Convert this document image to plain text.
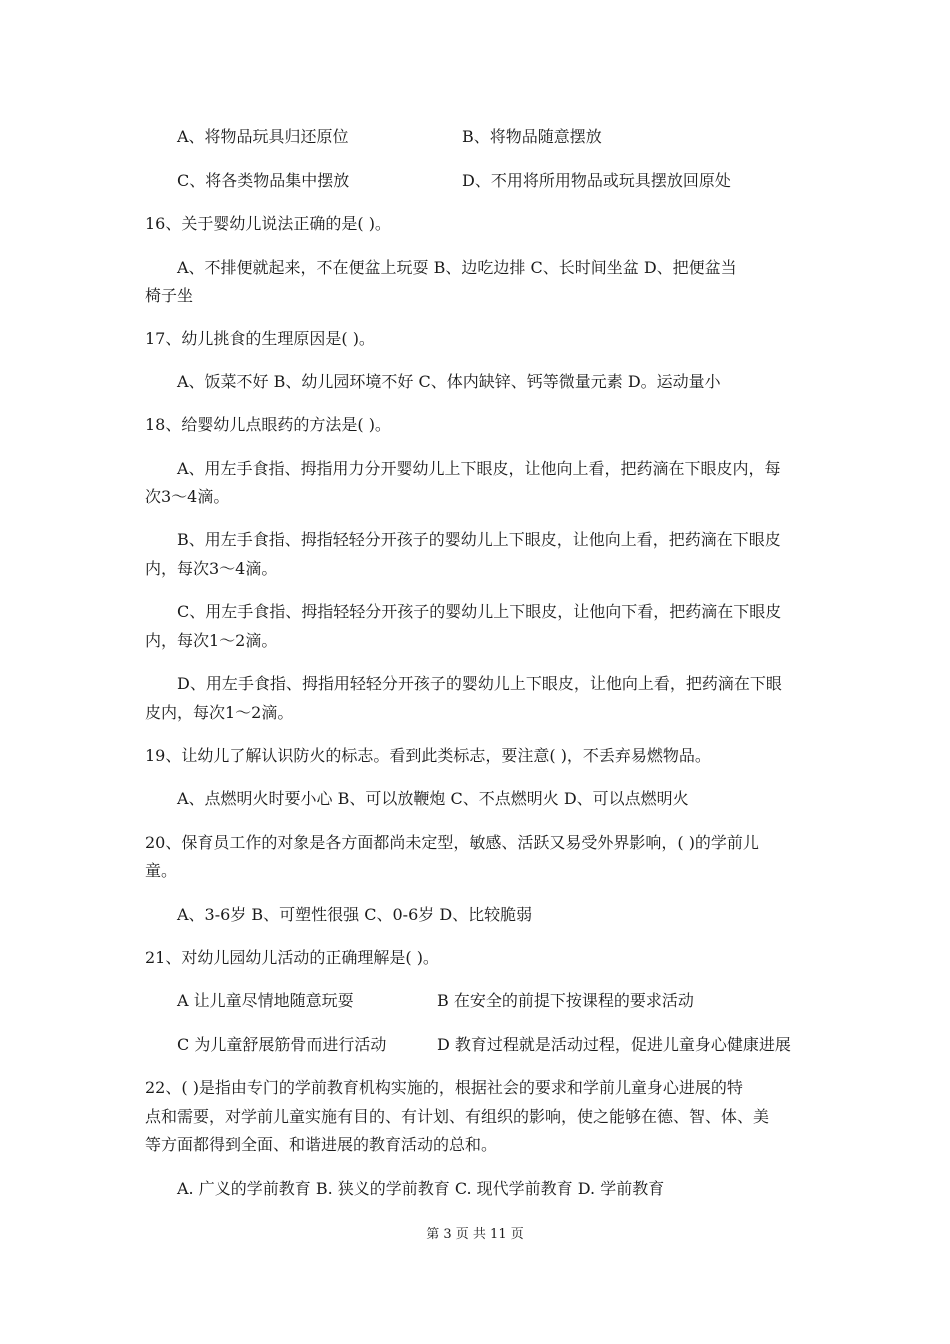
A、将物品玩具归还原位	B、将物品随意摆放
C、将各类物品集中摆放	D、不用将所用物品或玩具摆放回原处
16、关于婴幼儿说法正确的是( )。
A、不排便就起来，不在便盆上玩耍 B、边吃边排 C、长时间坐盆 D、把便盆当
椅子坐
17、幼儿挑食的生理原因是( )。
A、饭菜不好 B、幼儿园环境不好 C、体内缺锌、钙等微量元素 D。运动量小
18、给婴幼儿点眼药的方法是( )。
A、用左手食指、拇指用力分开婴幼儿上下眼皮，让他向上看，把药滴在下眼皮内，每
次3～4滴。
B、用左手食指、拇指轻轻分开孩子的婴幼儿上下眼皮，让他向上看，把药滴在下眼皮
内，每次3～4滴。
C、用左手食指、拇指轻轻分开孩子的婴幼儿上下眼皮，让他向下看，把药滴在下眼皮
内，每次1～2滴。
D、用左手食指、拇指用轻轻分开孩子的婴幼儿上下眼皮，让他向上看，把药滴在下眼
皮内，每次1～2滴。
19、让幼儿了解认识防火的标志。看到此类标志，要注意( )，不丢弃易燃物品。
A、点燃明火时要小心 B、可以放鞭炮 C、不点燃明火 D、可以点燃明火
20、保育员工作的对象是各方面都尚未定型，敏感、活跃又易受外界影响，( )的学前儿
童。
A、3-6岁 B、可塑性很强 C、0-6岁 D、比较脆弱
21、对幼儿园幼儿活动的正确理解是( )。
A 让儿童尽情地随意玩耍	B 在安全的前提下按课程的要求活动
C 为儿童舒展筋骨而进行活动	D 教育过程就是活动过程，促进儿童身心健康进展
22、( )是指由专门的学前教育机构实施的，根据社会的要求和学前儿童身心进展的特
点和需要，对学前儿童实施有目的、有计划、有组织的影响，使之能够在德、智、体、美
等方面都得到全面、和谐进展的教育活动的总和。
A. 广义的学前教育 B. 狭义的学前教育 C. 现代学前教育 D. 学前教育
第 3 页 共 11 页
